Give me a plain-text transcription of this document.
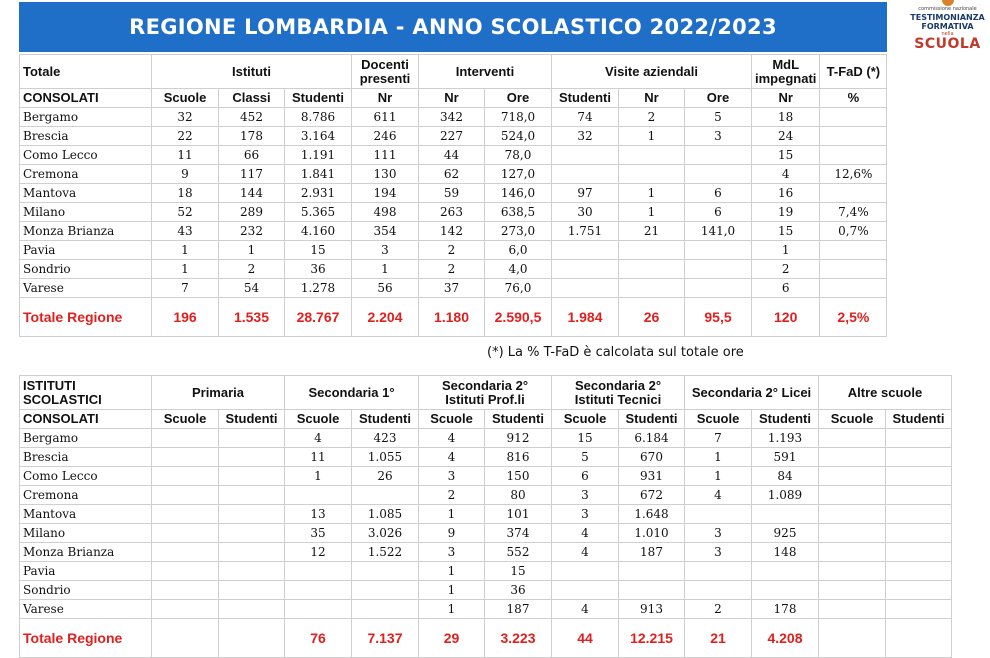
REGIONE LOMBARDIA - ANNO SCOLASTICO 2022/2023
commissione nazionale
TESTIMONIANZA
FORMATIVA
nella
SCUOLA
Totale	Istituti			Docenti presenti	Interventi		Visite aziendali			MdL impegnati	T-FaD (*)
CONSOLATI	Scuole	Classi	Studenti	Nr	Nr	Ore	Studenti	Nr	Ore	Nr	%
Bergamo	32	452	8.786	611	342	718,0	74	2	5	18	
Brescia	22	178	3.164	246	227	524,0	32	1	3	24	
Como Lecco	11	66	1.191	111	44	78,0				15	
Cremona	9	117	1.841	130	62	127,0				4	12,6%
Mantova	18	144	2.931	194	59	146,0	97	1	6	16	
Milano	52	289	5.365	498	263	638,5	30	1	6	19	7,4%
Monza Brianza	43	232	4.160	354	142	273,0	1.751	21	141,0	15	0,7%
Pavia	1	1	15	3	2	6,0				1	
Sondrio	1	2	36	1	2	4,0				2	
Varese	7	54	1.278	56	37	76,0				6	
Totale Regione	196	1.535	28.767	2.204	1.180	2.590,5	1.984	26	95,5	120	2,5%
(*) La % T-FaD è calcolata sul totale ore
ISTITUTI SCOLASTICI	Primaria		Secondaria 1°		Secondaria 2° Istituti Prof.li		Secondaria 2° Istituti Tecnici		Secondaria 2° Licei		Altre scuole	
CONSOLATI	Scuole	Studenti	Scuole	Studenti	Scuole	Studenti	Scuole	Studenti	Scuole	Studenti	Scuole	Studenti
Bergamo			4	423	4	912	15	6.184	7	1.193		
Brescia			11	1.055	4	816	5	670	1	591		
Como Lecco			1	26	3	150	6	931	1	84		
Cremona					2	80	3	672	4	1.089		
Mantova			13	1.085	1	101	3	1.648				
Milano			35	3.026	9	374	4	1.010	3	925		
Monza Brianza			12	1.522	3	552	4	187	3	148		
Pavia					1	15						
Sondrio					1	36						
Varese					1	187	4	913	2	178		
Totale Regione			76	7.137	29	3.223	44	12.215	21	4.208		
